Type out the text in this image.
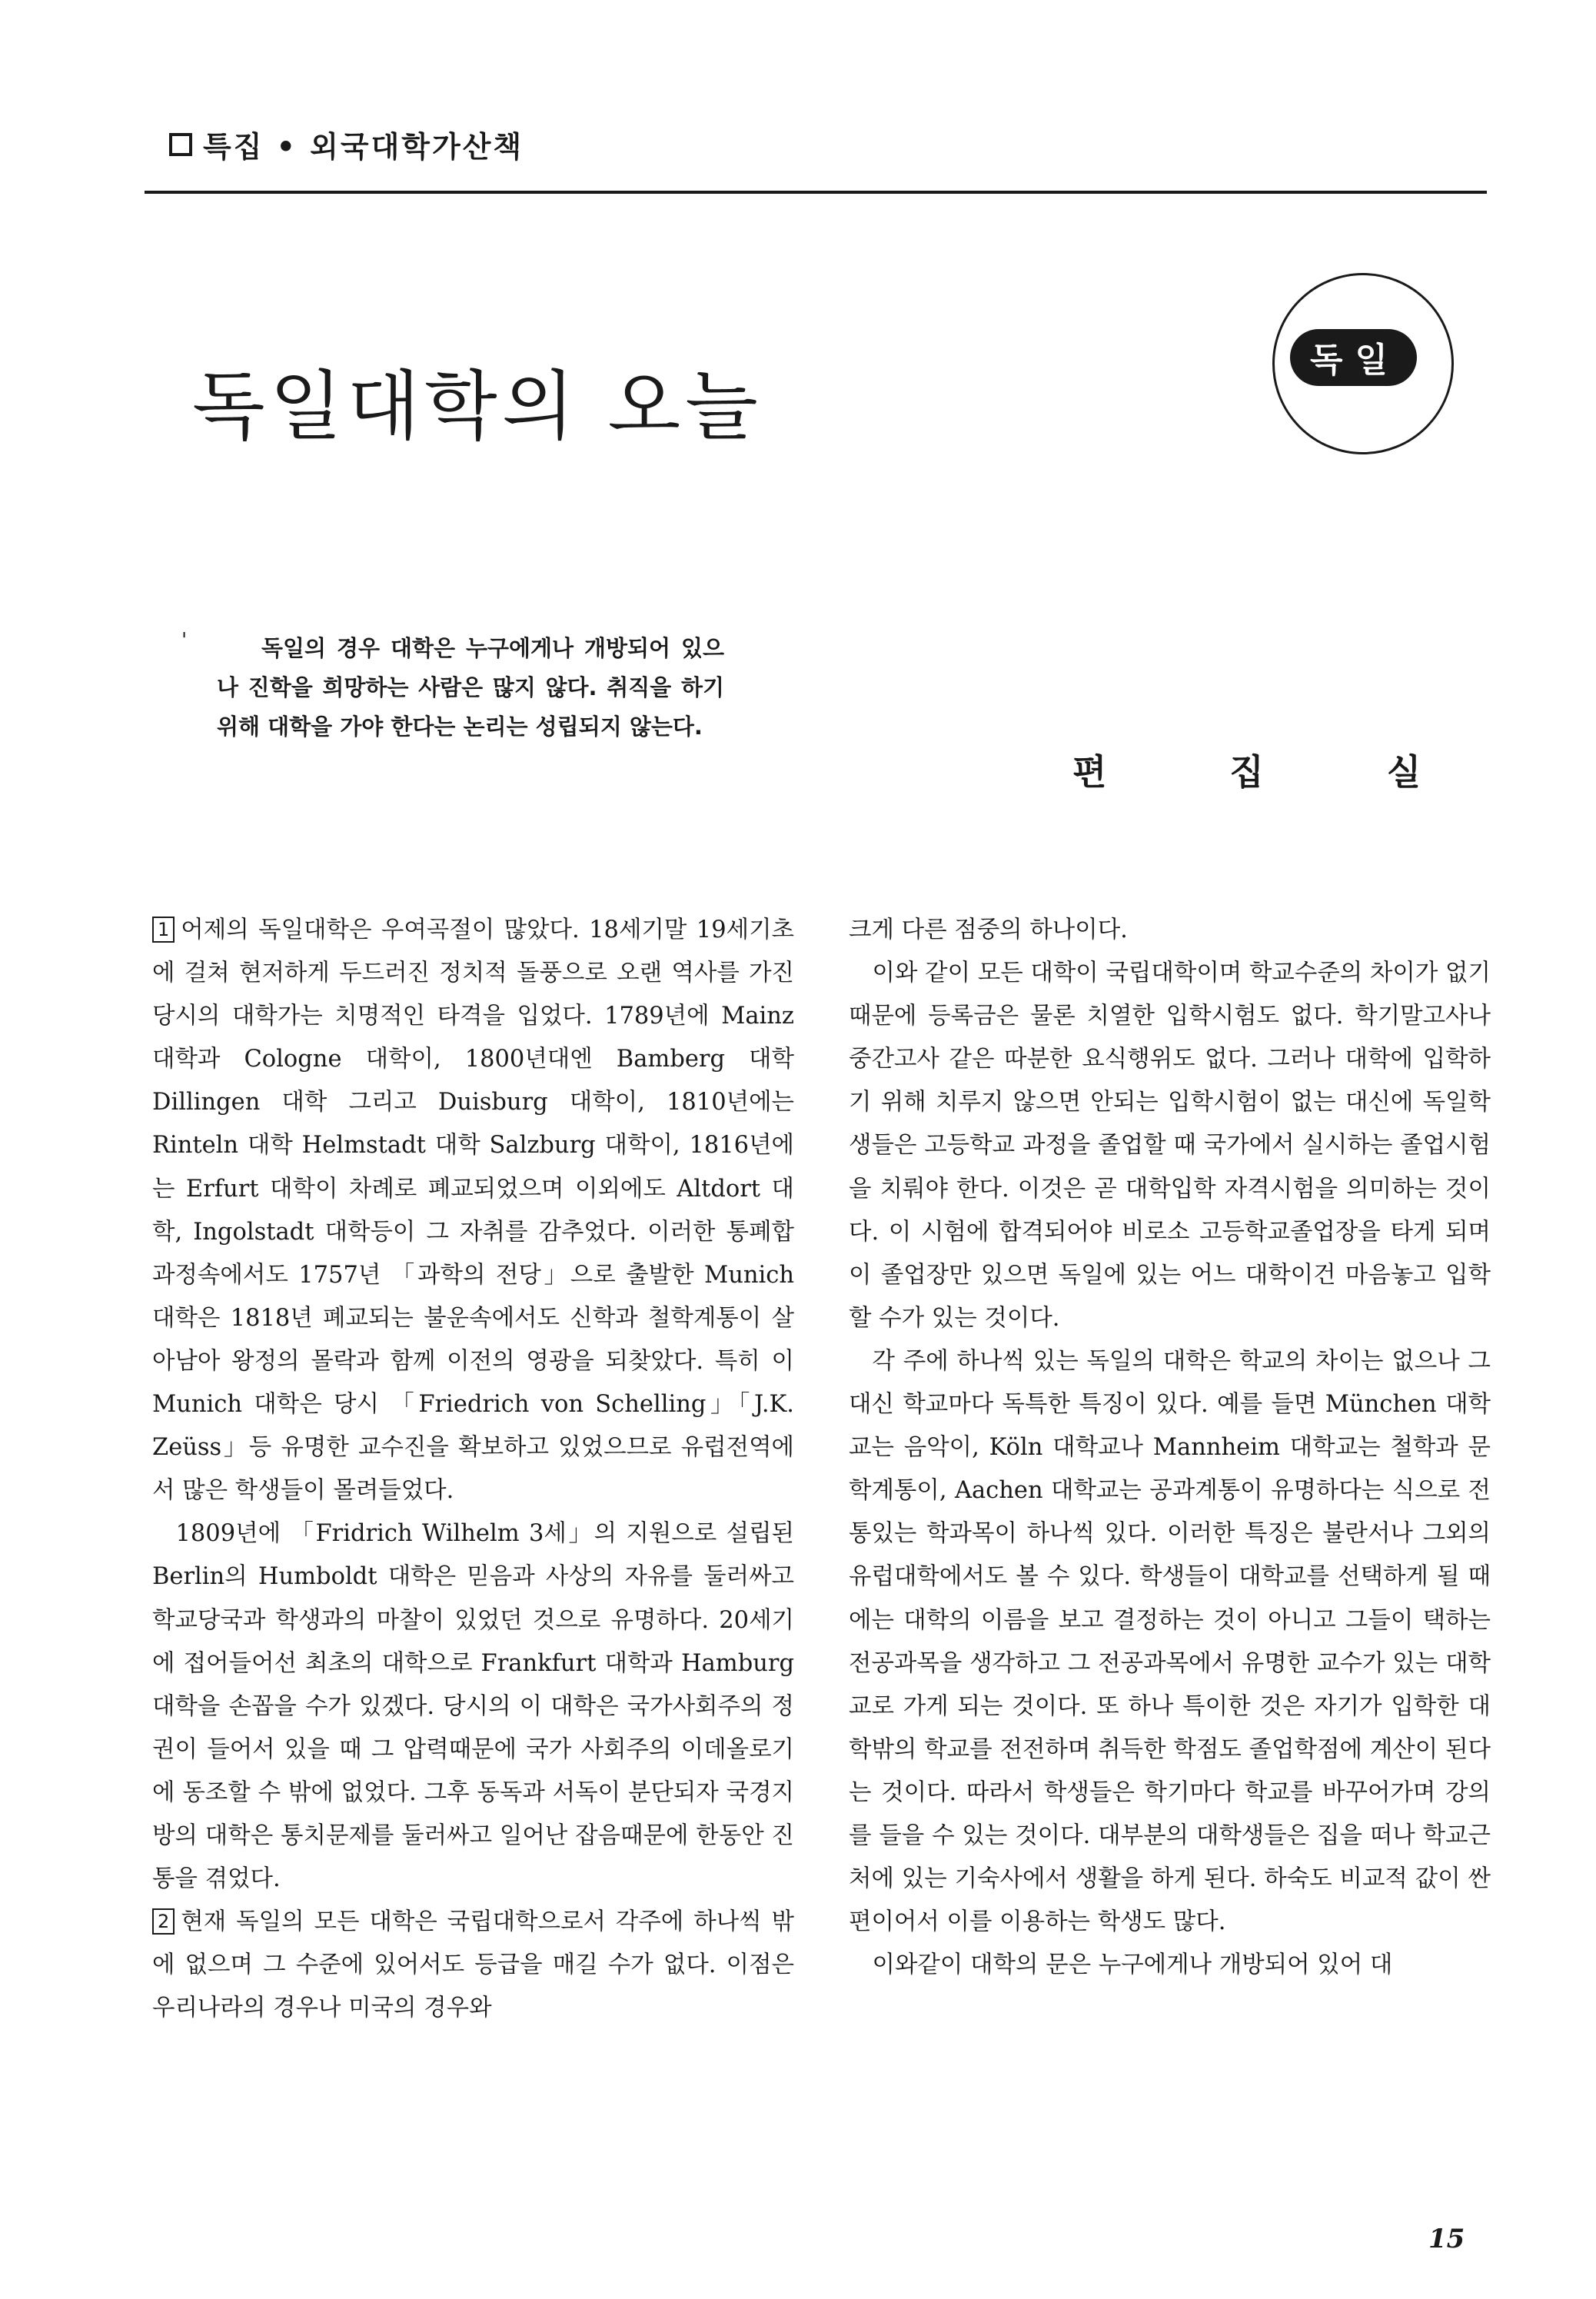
특집 • 외국대학가산책
독일대학의 오늘
독일
'	독일의 경우 대학은 누구에게나 개방되어 있으나 진학을 희망하는 사람은 많지 않다. 취직을 하기위해 대학을 가야 한다는 논리는 성립되지 않는다.
편집실

1 어제의 독일대학은 우여곡절이 많았다. 18세기말 19세기초에 걸쳐 현저하게 두드러진 정치적 돌풍으로 오랜 역사를 가진 당시의 대학가는 치명적인 타격을 입었다. 1789년에 Mainz 대학과 Cologne 대학이, 1800년대엔 Bamberg 대학 Dillingen 대학 그리고 Duisburg 대학이, 1810년에는 Rinteln 대학 Helmstadt 대학 Salzburg 대학이, 1816년에는 Erfurt 대학이 차례로 폐교되었으며 이외에도 Altdort 대학, Ingolstadt 대학등이 그 자취를 감추었다. 이러한 통폐합 과정속에서도 1757년 「과학의 전당」으로 출발한 Munich 대학은 1818년 폐교되는 불운속에서도 신학과 철학계통이 살아남아 왕정의 몰락과 함께 이전의 영광을 되찾았다. 특히 이 Munich 대학은 당시 「Friedrich von Schelling」「J.K. Zeüss」등 유명한 교수진을 확보하고 있었으므로 유럽전역에서 많은 학생들이 몰려들었다.

1809년에 「Fridrich Wilhelm 3세」의 지원으로 설립된 Berlin의 Humboldt 대학은 믿음과 사상의 자유를 둘러싸고 학교당국과 학생과의 마찰이 있었던 것으로 유명하다. 20세기에 접어들어선 최초의 대학으로 Frankfurt 대학과 Hamburg 대학을 손꼽을 수가 있겠다. 당시의 이 대학은 국가사회주의 정권이 들어서 있을 때 그 압력때문에 국가 사회주의 이데올로기에 동조할 수 밖에 없었다. 그후 동독과 서독이 분단되자 국경지방의 대학은 통치문제를 둘러싸고 일어난 잡음때문에 한동안 진통을 겪었다.

2 현재 독일의 모든 대학은 국립대학으로서 각주에 하나씩 밖에 없으며 그 수준에 있어서도 등급을 매길 수가 없다. 이점은 우리나라의 경우나 미국의 경우와

크게 다른 점중의 하나이다.

이와 같이 모든 대학이 국립대학이며 학교수준의 차이가 없기 때문에 등록금은 물론 치열한 입학시험도 없다. 학기말고사나 중간고사 같은 따분한 요식행위도 없다. 그러나 대학에 입학하기 위해 치루지 않으면 안되는 입학시험이 없는 대신에 독일학생들은 고등학교 과정을 졸업할 때 국가에서 실시하는 졸업시험을 치뤄야 한다. 이것은 곧 대학입학 자격시험을 의미하는 것이다. 이 시험에 합격되어야 비로소 고등학교졸업장을 타게 되며 이 졸업장만 있으면 독일에 있는 어느 대학이건 마음놓고 입학할 수가 있는 것이다.

각 주에 하나씩 있는 독일의 대학은 학교의 차이는 없으나 그대신 학교마다 독특한 특징이 있다. 예를 들면 München 대학교는 음악이, Köln 대학교나 Mannheim 대학교는 철학과 문학계통이, Aachen 대학교는 공과계통이 유명하다는 식으로 전통있는 학과목이 하나씩 있다. 이러한 특징은 불란서나 그외의 유럽대학에서도 볼 수 있다. 학생들이 대학교를 선택하게 될 때에는 대학의 이름을 보고 결정하는 것이 아니고 그들이 택하는 전공과목을 생각하고 그 전공과목에서 유명한 교수가 있는 대학교로 가게 되는 것이다. 또 하나 특이한 것은 자기가 입학한 대학밖의 학교를 전전하며 취득한 학점도 졸업학점에 계산이 된다는 것이다. 따라서 학생들은 학기마다 학교를 바꾸어가며 강의를 들을 수 있는 것이다. 대부분의 대학생들은 집을 떠나 학교근처에 있는 기숙사에서 생활을 하게 된다. 하숙도 비교적 값이 싼 편이어서 이를 이용하는 학생도 많다.

이와같이 대학의 문은 누구에게나 개방되어 있어 대

15
